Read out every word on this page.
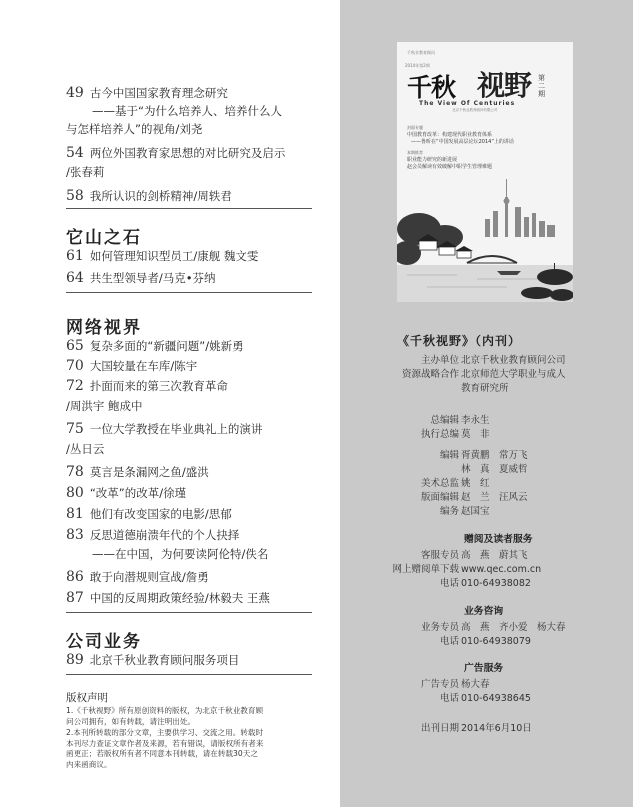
49 古今中国国家教育理念研究
——基于“为什么培养人、培养什么人
与怎样培养人”的视角/刘尧
54 两位外国教育家思想的对比研究及启示
/张春莉
58 我所认识的剑桥精神/周轶君
它山之石
61 如何管理知识型员工/康舰 魏文雯
64 共生型领导者/马克•芬纳
网络视界
65 复杂多面的“新疆问题”/姚新勇
70 大国较量在车库/陈宇
72 扑面而来的第三次教育革命
/周洪宇 鲍成中
75 一位大学教授在毕业典礼上的演讲
/丛日云
78 莫言是条漏网之鱼/盛洪
80 “改革”的改革/徐瑾
81 他们有改变国家的电影/思郁
83 反思道德崩溃年代的个人抉择
——在中国，为何要读阿伦特/佚名
86 敢于向潜规则宣战/詹勇
87 中国的反周期政策经验/林毅夫 王燕
公司业务
89 北京千秋业教育顾问服务项目
版权声明
1.《千秋视野》所有原创资料的版权，为北京千秋业教育顾
问公司拥有，如有转载，请注明出处。
2.本刊所转载的部分文章，主要供学习、交流之用。转载时
本刊尽力查证文章作者及来源，若有错误，请版权所有者来
函更正；若版权所有者不同意本刊转载，请在转载30天之
内来函商议。
千秋业教育顾问
2014年第2期
千秋 视野 第二期
The View Of Centuries
北京千秋业教育顾问有限公司
封面专题
中国教育改革：构建现代职业教育体系
——鲁昕在“中国发展高层论坛2014”上的讲话
本期推荐
职业能力研究的新进展
赵会员解读有效破解中职学生管理难题
《千秋视野》（内刊）
主办单位 北京千秋业教育顾问公司
资源战略合作 北京师范大学职业与成人
教育研究所
总编辑 李永生
执行总编 莫　非
编辑 胥黄鹏　常万飞
林　真　夏威哲
美术总监 姚　红
版面编辑 赵　兰　汪风云
编务 赵国宝
赠阅及读者服务
客服专员 高　燕　蔚其飞
网上赠阅单下载 www.qec.com.cn
电话 010-64938082
业务咨询
业务专员 高　燕　齐小爱　杨大春
电话 010-64938079
广告服务
广告专员 杨大春
电话 010-64938645
出刊日期 2014年6月10日
